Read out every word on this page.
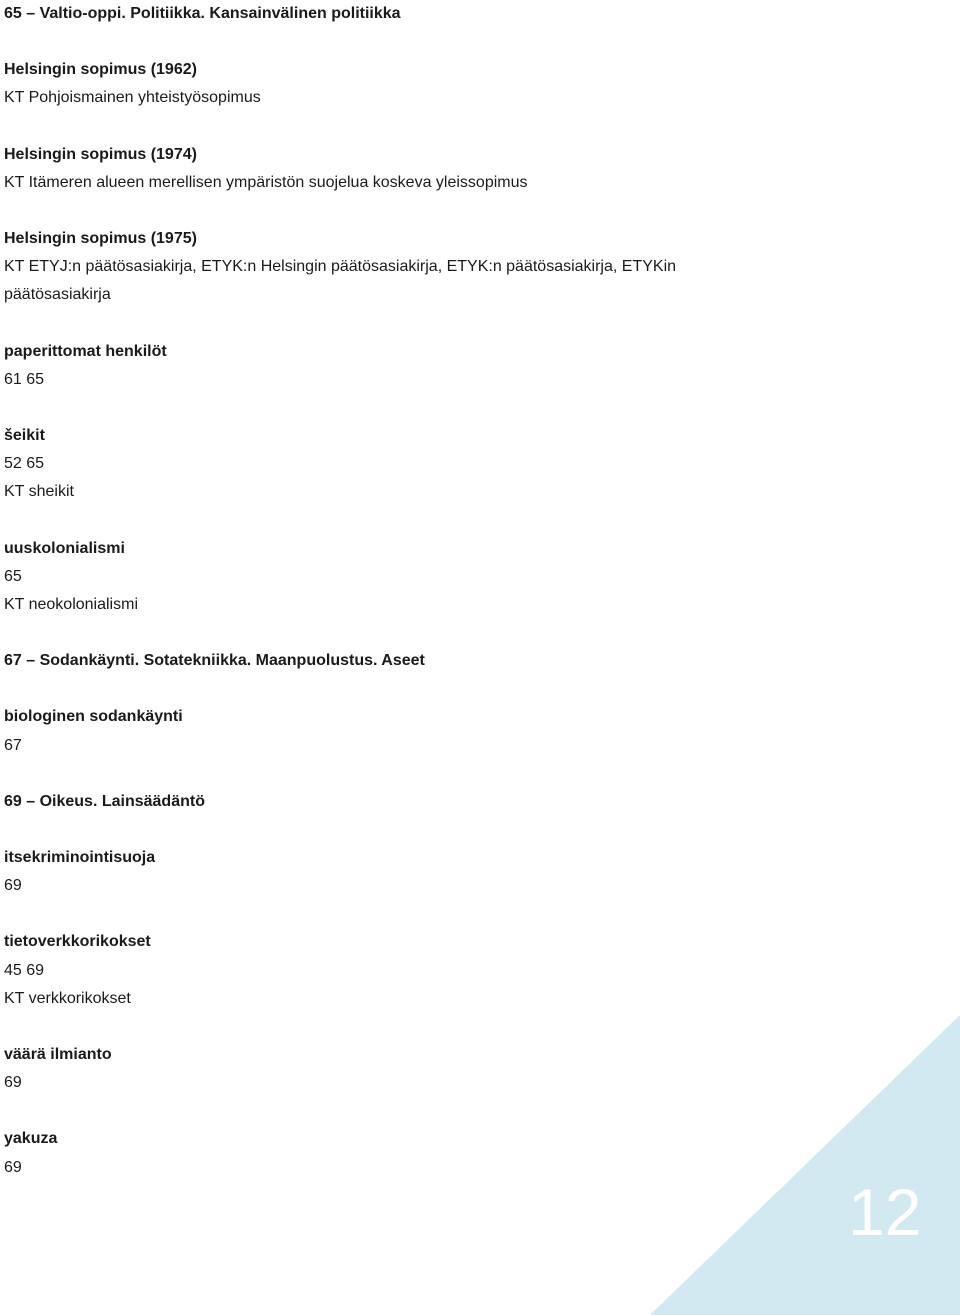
12
65 – Valtio-oppi. Politiikka. Kansainvälinen politiikka
Helsingin sopimus (1962)
KT Pohjoismainen yhteistyösopimus
Helsingin sopimus (1974)
KT Itämeren alueen merellisen ympäristön suojelua koskeva yleissopimus
Helsingin sopimus (1975)
KT ETYJ:n päätösasiakirja, ETYK:n Helsingin päätösasiakirja, ETYK:n päätösasiakirja, ETYKin
päätösasiakirja
paperittomat henkilöt
61 65
šeikit
52 65
KT sheikit
uuskolonialismi
65
KT neokolonialismi
67 – Sodankäynti. Sotatekniikka. Maanpuolustus. Aseet
biologinen sodankäynti
67
69 – Oikeus. Lainsäädäntö
itsekriminointisuoja
69
tietoverkkorikokset
45 69
KT verkkorikokset
väärä ilmianto
69
yakuza
69
